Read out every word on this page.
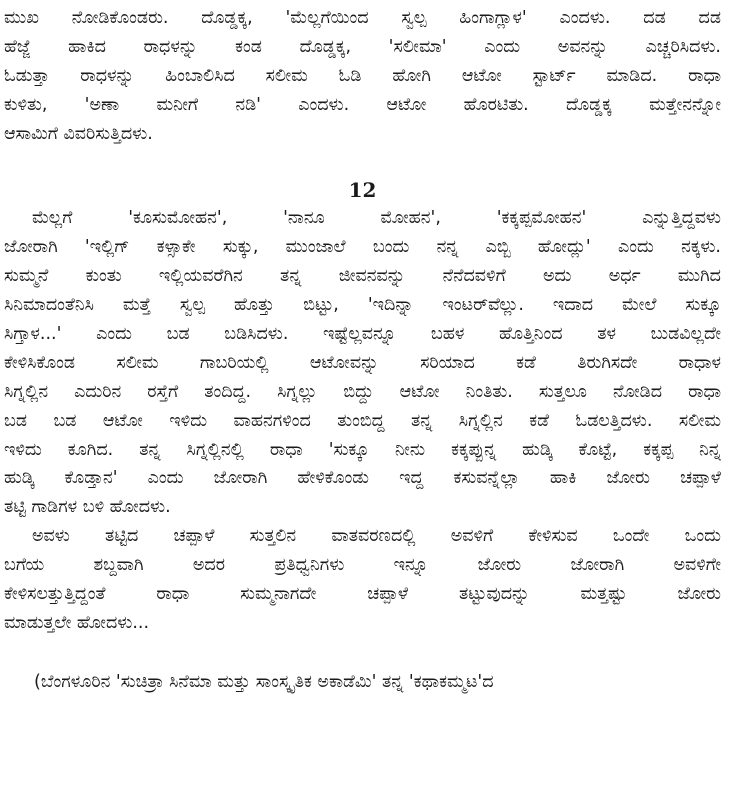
ಮುಖ ನೋಡಿಕೊಂಡರು. ದೊಡ್ಡಕ್ಕ, 'ಮೆಲ್ಲಗೆಯಿಂದ ಸ್ವಲ್ಪ ಹಿಂಗಾಗ್ಲಾಳ' ಎಂದಳು. ದಡ ದಡ
ಹೆಜ್ಜೆ ಹಾಕಿದ ರಾಧಳನ್ನು ಕಂಡ ದೊಡ್ಡಕ್ಕ, 'ಸಲೀಮಾ' ಎಂದು ಅವನನ್ನು ಎಚ್ಚರಿಸಿದಳು.
ಓಡುತ್ತಾ ರಾಧಳನ್ನು ಹಿಂಬಾಲಿಸಿದ ಸಲೀಮ ಓಡಿ ಹೋಗಿ ಆಟೋ ಸ್ಟಾರ್ಟ್ ಮಾಡಿದ. ರಾಧಾ
ಕುಳಿತು, 'ಅಣಾ ಮನೀಗೆ ನಡಿ' ಎಂದಳು. ಆಟೋ ಹೊರಟಿತು. ದೊಡ್ಡಕ್ಕ ಮತ್ತೇನನ್ನೋ
ಆಸಾಮಿಗೆ ವಿವರಿಸುತ್ತಿದಳು.
12
ಮೆಲ್ಲಗೆ 'ಕೂಸುಮೋಹನ', 'ನಾನೂ ಮೋಹನ', 'ಕಕ್ಕಪ್ಪಮೋಹನ' ಎನ್ನುತ್ತಿದ್ದವಳು
ಜೋರಾಗಿ 'ಇಲ್ಲಿಗ್ ಕಳ್ಸಾಕೇ ಸುಕ್ಕು, ಮುಂಜಾಲೆ ಬಂದು ನನ್ನ ಎಬ್ಬಿ ಹೋದ್ಲು' ಎಂದು ನಕ್ಕಳು.
ಸುಮ್ಮನೆ ಕುಂತು ಇಲ್ಲಿಯವರೆಗಿನ ತನ್ನ ಜೀವನವನ್ನು ನೆನೆದವಳಿಗೆ ಅದು ಅರ್ಧ ಮುಗಿದ
ಸಿನಿಮಾದಂತೆನಿಸಿ ಮತ್ತೆ ಸ್ವಲ್ಪ ಹೊತ್ತು ಬಿಟ್ಟು, 'ಇದಿನ್ನಾ ಇಂಟರ್‌ವೆಲ್ಲು. ಇದಾದ ಮೇಲೆ ಸುಕ್ಕೂ
ಸಿಗ್ತಾಳ...' ಎಂದು ಬಡ ಬಡಿಸಿದಳು. ಇಷ್ಟೆಲ್ಲವನ್ನೂ ಬಹಳ ಹೊತ್ತಿನಿಂದ ತಳ ಬುಡವಿಲ್ಲದೇ
ಕೇಳಿಸಿಕೊಂಡ ಸಲೀಮ ಗಾಬರಿಯಲ್ಲಿ ಆಟೋವನ್ನು ಸರಿಯಾದ ಕಡೆ ತಿರುಗಿಸದೇ ರಾಧಾಳ
ಸಿಗ್ನಲ್ಲಿನ ಎದುರಿನ ರಸ್ತೆಗೆ ತಂದಿದ್ದ. ಸಿಗ್ನಲ್ಲು ಬಿದ್ದು ಆಟೋ ನಿಂತಿತು. ಸುತ್ತಲೂ ನೋಡಿದ ರಾಧಾ
ಬಡ ಬಡ ಆಟೋ ಇಳಿದು ವಾಹನಗಳಿಂದ ತುಂಬಿದ್ದ ತನ್ನ ಸಿಗ್ನಲ್ಲಿನ ಕಡೆ ಓಡಲತ್ತಿದಳು. ಸಲೀಮ
ಇಳಿದು ಕೂಗಿದ. ತನ್ನ ಸಿಗ್ನಲ್ಲಿನಲ್ಲಿ ರಾಧಾ 'ಸುಕ್ಕೂ ನೀನು ಕಕ್ಕಪ್ಪುನ್ನ ಹುಡ್ಕಿ ಕೊಟ್ಟೆ, ಕಕ್ಕಪ್ಪ ನಿನ್ನ
ಹುಡ್ಕಿ ಕೊಡ್ತಾನ' ಎಂದು ಜೋರಾಗಿ ಹೇಳಿಕೊಂಡು ಇದ್ದ ಕಸುವನ್ನೆಲ್ಲಾ ಹಾಕಿ ಜೋರು ಚಪ್ಪಾಳೆ
ತಟ್ಟಿ ಗಾಡಿಗಳ ಬಳಿ ಹೋದಳು.
ಅವಳು ತಟ್ಟಿದ ಚಪ್ಪಾಳೆ ಸುತ್ತಲಿನ ವಾತವರಣದಲ್ಲಿ ಅವಳಿಗೆ ಕೇಳಿಸುವ ಒಂದೇ ಒಂದು
ಬಗೆಯ ಶಬ್ದವಾಗಿ ಅದರ ಪ್ರತಿಧ್ವನಿಗಳು ಇನ್ನೂ ಜೋರು ಜೋರಾಗಿ ಅವಳಿಗೇ
ಕೇಳಿಸಲತ್ತುತ್ತಿದ್ದಂತೆ ರಾಧಾ ಸುಮ್ಮನಾಗದೇ ಚಪ್ಪಾಳೆ ತಟ್ಟುವುದನ್ನು ಮತ್ತಷ್ಟು ಜೋರು
ಮಾಡುತ್ತಲೇ ಹೋದಳು...
(ಬೆಂಗಳೂರಿನ 'ಸುಚಿತ್ರಾ ಸಿನೆಮಾ ಮತ್ತು ಸಾಂಸ್ಕೃತಿಕ ಅಕಾಡೆಮಿ' ತನ್ನ 'ಕಥಾಕಮ್ಮಟ'ದ
